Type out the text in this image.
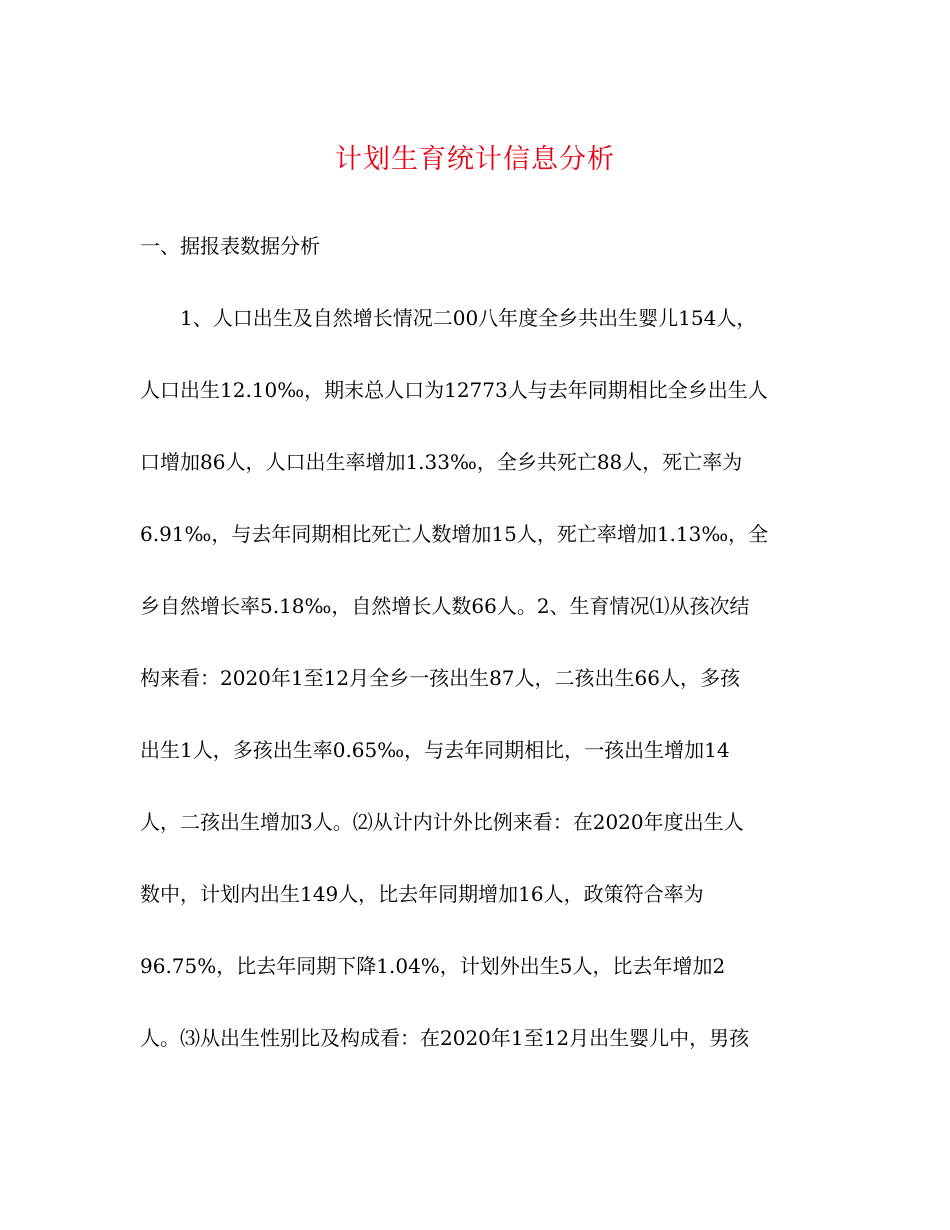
计划生育统计信息分析
一、据报表数据分析
1、人口出生及自然增长情况二00八年度全乡共出生婴儿154人，
人口出生12.10‰，期末总人口为12773人与去年同期相比全乡出生人
口增加86人，人口出生率增加1.33‰，全乡共死亡88人，死亡率为
6.91‰，与去年同期相比死亡人数增加15人，死亡率增加1.13‰，全
乡自然增长率5.18‰，自然增长人数66人。2、生育情况⑴从孩次结
构来看：2020年1至12月全乡一孩出生87人，二孩出生66人，多孩
出生1人，多孩出生率0.65‰，与去年同期相比，一孩出生增加14
人，二孩出生增加3人。⑵从计内计外比例来看：在2020年度出生人
数中，计划内出生149人，比去年同期增加16人，政策符合率为
96.75%，比去年同期下降1.04%，计划外出生5人，比去年增加2
人。⑶从出生性别比及构成看：在2020年1至12月出生婴儿中，男孩
